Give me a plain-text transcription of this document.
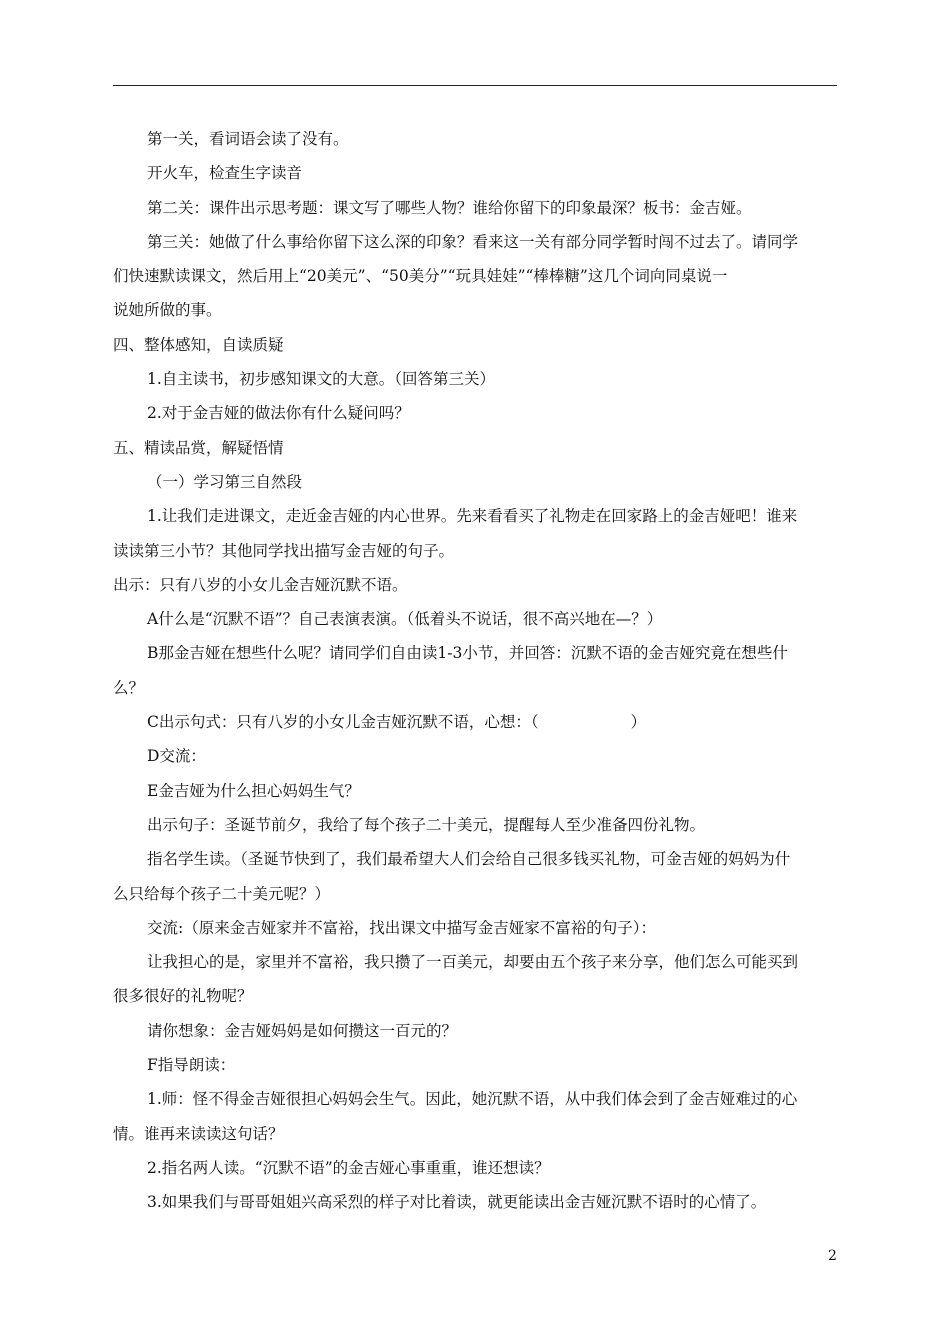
第一关，看词语会读了没有。

开火车，检查生字读音

第二关：课件出示思考题：课文写了哪些人物？谁给你留下的印象最深？板书：金吉娅。

第三关：她做了什么事给你留下这么深的印象？看来这一关有部分同学暂时闯不过去了。请同学

们快速默读课文，然后用上“20美元”、“50美分”“玩具娃娃”“棒棒糖”这几个词向同桌说一

说她所做的事。

四、整体感知，自读质疑

1.自主读书，初步感知课文的大意。（回答第三关）

2.对于金吉娅的做法你有什么疑问吗？

五、精读品赏，解疑悟情

（一）学习第三自然段

1.让我们走进课文，走近金吉娅的内心世界。先来看看买了礼物走在回家路上的金吉娅吧！谁来

读读第三小节？其他同学找出描写金吉娅的句子。

出示：只有八岁的小女儿金吉娅沉默不语。

A什么是“沉默不语”？自己表演表演。（低着头不说话，很不高兴地在—？）

B那金吉娅在想些什么呢？请同学们自由读1-3小节，并回答：沉默不语的金吉娅究竟在想些什

么？

C出示句式：只有八岁的小女儿金吉娅沉默不语，心想：（	）

D交流：

E金吉娅为什么担心妈妈生气？

出示句子：圣诞节前夕，我给了每个孩子二十美元，提醒每人至少准备四份礼物。

指名学生读。（圣诞节快到了，我们最希望大人们会给自己很多钱买礼物，可金吉娅的妈妈为什

么只给每个孩子二十美元呢？）

交流:（原来金吉娅家并不富裕，找出课文中描写金吉娅家不富裕的句子）：

让我担心的是，家里并不富裕，我只攒了一百美元，却要由五个孩子来分享，他们怎么可能买到

很多很好的礼物呢？

请你想象：金吉娅妈妈是如何攒这一百元的？

F指导朗读：

1.师：怪不得金吉娅很担心妈妈会生气。因此，她沉默不语，从中我们体会到了金吉娅难过的心

情。谁再来读读这句话？

2.指名两人读。“沉默不语”的金吉娅心事重重，谁还想读？

3.如果我们与哥哥姐姐兴高采烈的样子对比着读，就更能读出金吉娅沉默不语时的心情了。

2
